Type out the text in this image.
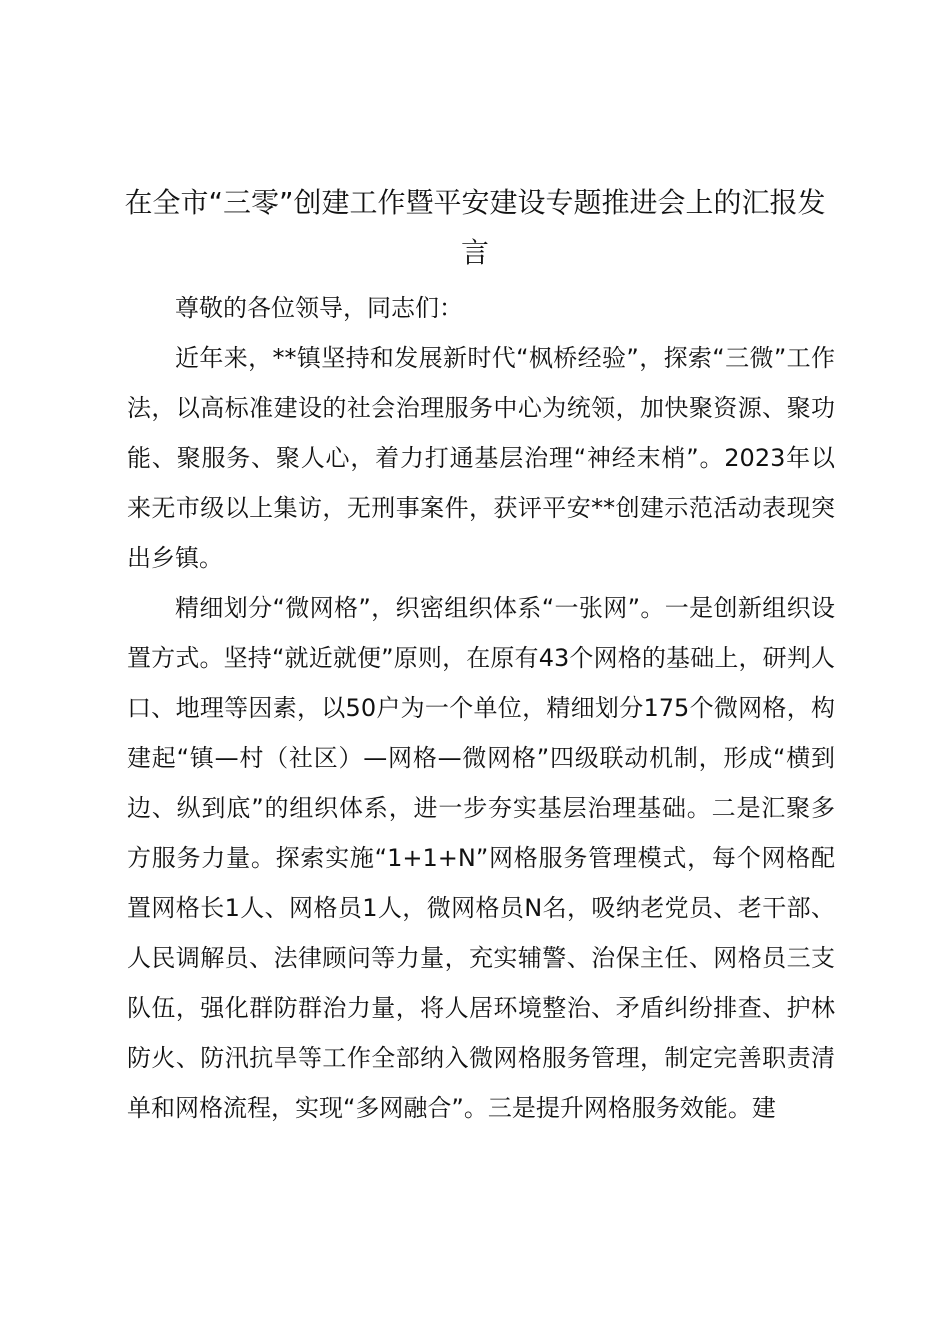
在全市“三零”创建工作暨平安建设专题推进会上的汇报发言

尊敬的各位领导，同志们：

近年来，**镇坚持和发展新时代“枫桥经验”，探索“三微”工作法，以高标准建设的社会治理服务中心为统领，加快聚资源、聚功能、聚服务、聚人心，着力打通基层治理“神经末梢”。2023年以来无市级以上集访，无刑事案件，获评平安**创建示范活动表现突出乡镇。

精细划分“微网格”，织密组织体系“一张网”。一是创新组织设置方式。坚持“就近就便”原则，在原有43个网格的基础上，研判人口、地理等因素，以50户为一个单位，精细划分175个微网格，构建起“镇—村（社区）—网格—微网格”四级联动机制，形成“横到边、纵到底”的组织体系，进一步夯实基层治理基础。二是汇聚多方服务力量。探索实施“1+1+N”网格服务管理模式，每个网格配置网格长1人、网格员1人，微网格员N名，吸纳老党员、老干部、人民调解员、法律顾问等力量，充实辅警、治保主任、网格员三支队伍，强化群防群治力量，将人居环境整治、矛盾纠纷排查、护林防火、防汛抗旱等工作全部纳入微网格服务管理，制定完善职责清单和网格流程，实现“多网融合”。三是提升网格服务效能。建
